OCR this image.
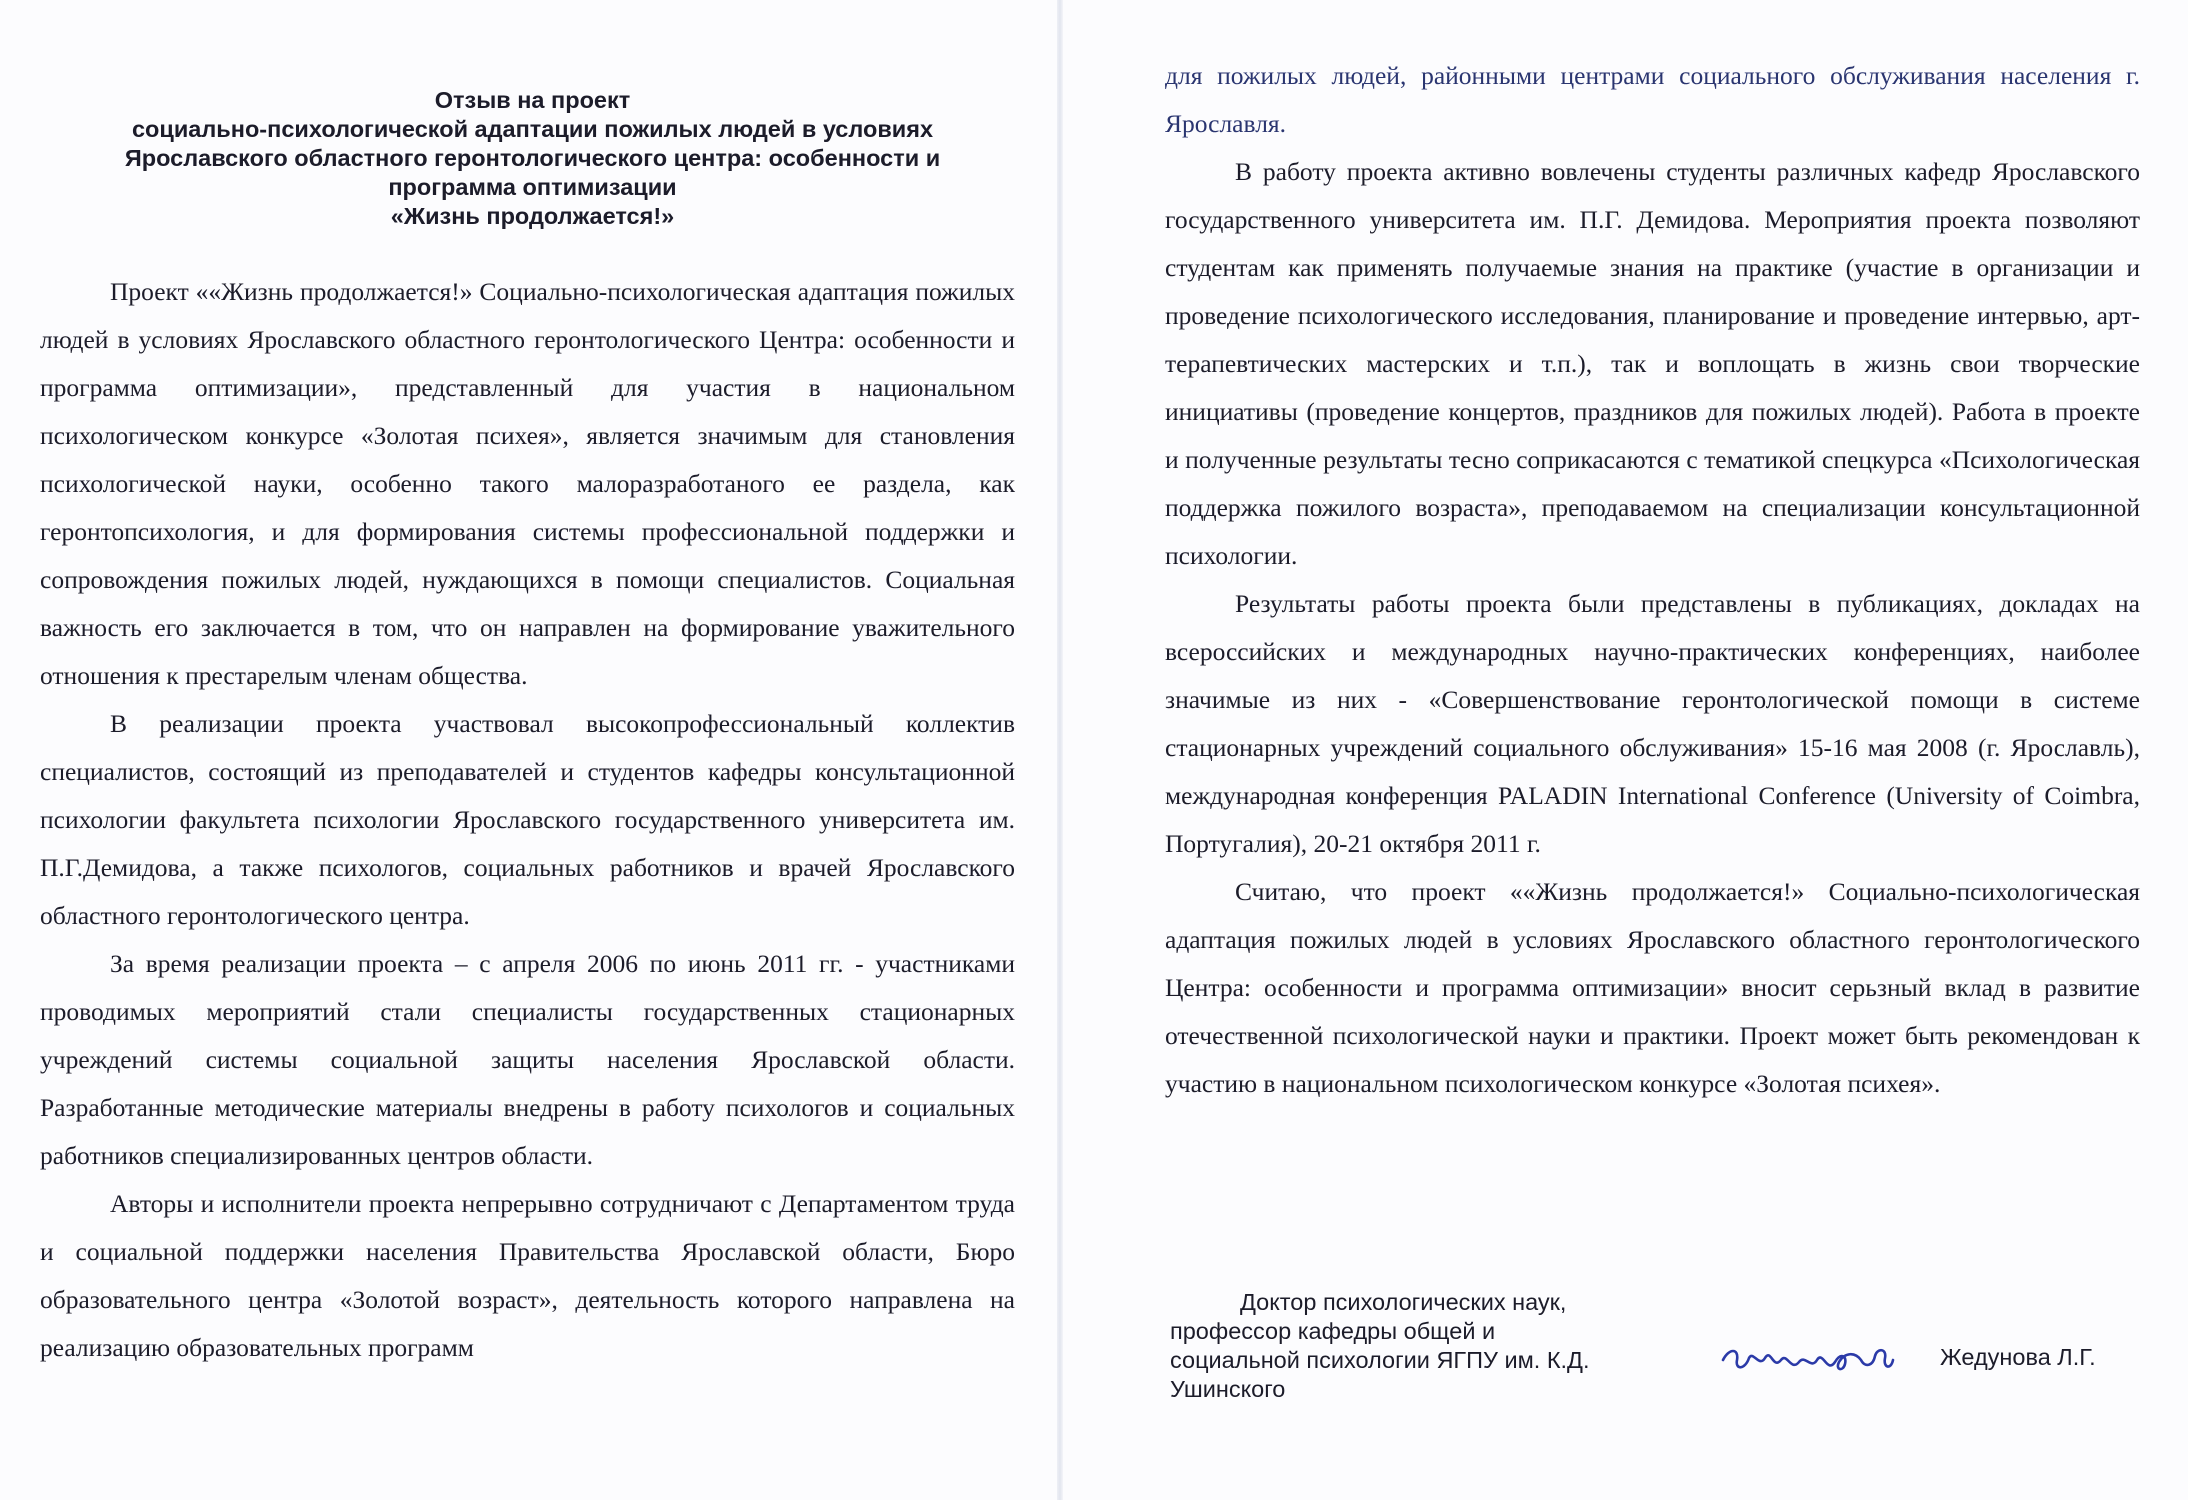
Отзыв на проект
социально-психологической адаптации пожилых людей в условиях
Ярославского областного геронтологического центра: особенности и
программа оптимизации
«Жизнь продолжается!»

Проект ««Жизнь продолжается!» Социально-психологическая адаптация пожилых людей в условиях Ярославского областного геронтологического Центра: особенности и программа оптимизации», представленный для участия в национальном психологическом конкурсе «Золотая психея», является значимым для становления психологической науки, особенно такого малоразработаного ее раздела, как геронтопсихология, и для формирования системы профессиональной поддержки и сопровождения пожилых людей, нуждающихся в помощи специалистов. Социальная важность его заключается в том, что он направлен на формирование уважительного отношения к престарелым членам общества.

В реализации проекта участвовал высокопрофессиональный коллектив специалистов, состоящий из преподавателей и студентов кафедры консультационной психологии факультета психологии Ярославского государственного университета им. П.Г.Демидова, а также психологов, социальных работников и врачей Ярославского областного геронтологического центра.

За время реализации проекта – с апреля 2006 по июнь 2011 гг. - участниками проводимых мероприятий стали специалисты государственных стационарных учреждений системы социальной защиты населения Ярославской области. Разработанные методические материалы внедрены в работу психологов и социальных работников специализированных центров области.

Авторы и исполнители проекта непрерывно сотрудничают с Департаментом труда и социальной поддержки населения Правительства Ярославской области, Бюро образовательного центра «Золотой возраст», деятельность которого направлена на реализацию образовательных программ

для пожилых людей, районными центрами социального обслуживания населения г. Ярославля.

В работу проекта активно вовлечены студенты различных кафедр Ярославского государственного университета им. П.Г. Демидова. Мероприятия проекта позволяют студентам как применять получаемые знания на практике (участие в организации и проведение психологического исследования, планирование и проведение интервью, арт-терапевтических мастерских и т.п.), так и воплощать в жизнь свои творческие инициативы (проведение концертов, праздников для пожилых людей). Работа в проекте и полученные результаты тесно соприкасаются с тематикой спецкурса «Психологическая поддержка пожилого возраста», преподаваемом на специализации консультационной психологии.

Результаты работы проекта были представлены в публикациях, докладах на всероссийских и международных научно-практических конференциях, наиболее значимые из них - «Совершенствование геронтологической помощи в системе стационарных учреждений социального обслуживания» 15-16 мая 2008 (г. Ярославль), международная конференция PALADIN International Conference (University of Coimbra, Португалия), 20-21 октября 2011 г.

Считаю, что проект ««Жизнь продолжается!» Социально-психологическая адаптация пожилых людей в условиях Ярославского областного геронтологического Центра: особенности и программа оптимизации» вносит серьзный вклад в развитие отечественной психологической науки и практики. Проект может быть рекомендован к участию в национальном психологическом конкурсе «Золотая психея».

Доктор психологических наук,
профессор кафедры общей и
социальной психологии ЯГПУ им. К.Д.
Ушинского
Жедунова Л.Г.
